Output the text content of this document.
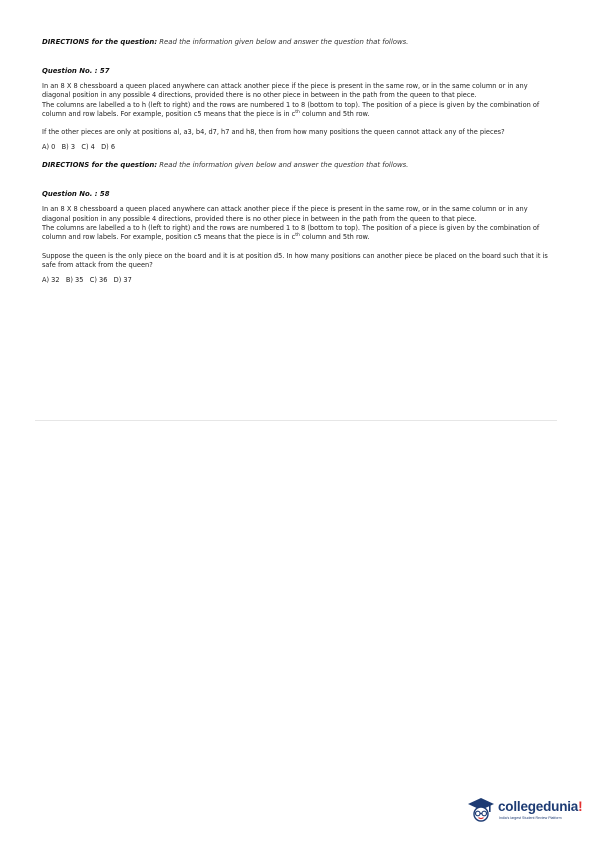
DIRECTIONS for the question: Read the information given below and answer the question that follows.

Question No. : 57

In an 8 X 8 chessboard a queen placed anywhere can attack another piece if the piece is present in the same row, or in the same column or in any diagonal position in any possible 4 directions, provided there is no other piece in between in the path from the queen to that piece.

The columns are labelled a to h (left to right) and the rows are numbered 1 to 8 (bottom to top). The position of a piece is given by the combination of column and row labels. For example, position c5 means that the piece is in $c^{th}$ column and 5th row.

If the other pieces are only at positions al, a3, b4, d7, h7 and h8, then from how many positions the queen cannot attack any of the pieces?

A) 0   B) 3   C) 4   D) 6

DIRECTIONS for the question: Read the information given below and answer the question that follows.

Question No. : 58

In an 8 X 8 chessboard a queen placed anywhere can attack another piece if the piece is present in the same row, or in the same column or in any diagonal position in any possible 4 directions, provided there is no other piece in between in the path from the queen to that piece.

The columns are labelled a to h (left to right) and the rows are numbered 1 to 8 (bottom to top). The position of a piece is given by the combination of column and row labels. For example, position c5 means that the piece is in $c^{th}$ column and 5th row.

Suppose the queen is the only piece on the board and it is at position d5. In how many positions can another piece be placed on the board such that it is safe from attack from the queen?

A) 32   B) 35   C) 36   D) 37

collegedunia!
India's largest Student Review Platform
